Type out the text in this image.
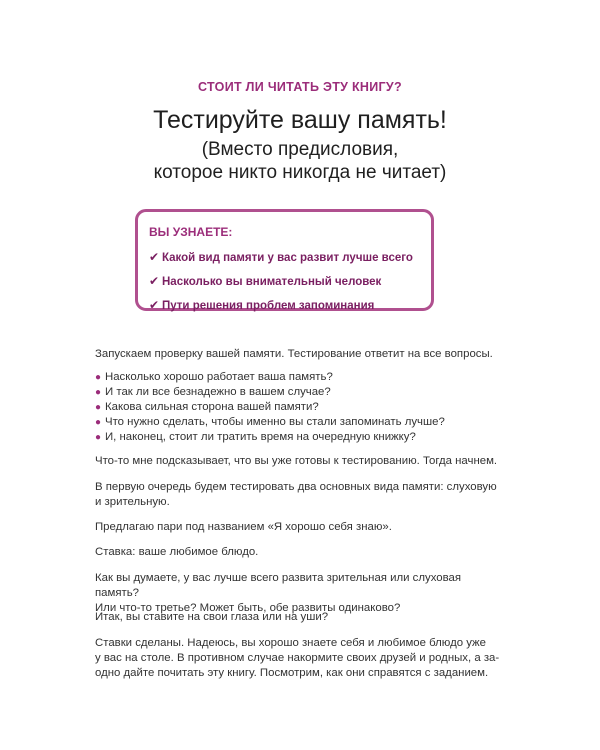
СТОИТ ЛИ ЧИТАТЬ ЭТУ КНИГУ?
Тестируйте вашу память!
(Вместо предисловия,
которое никто никогда не читает)
ВЫ УЗНАЕТЕ:
✔ Какой вид памяти у вас развит лучше всего
✔ Насколько вы внимательный человек
✔ Пути решения проблем запоминания
Запускаем проверку вашей памяти. Тестирование ответит на все вопросы.
● Насколько хорошо работает ваша память?
● И так ли все безнадежно в вашем случае?
● Какова сильная сторона вашей памяти?
● Что нужно сделать, чтобы именно вы стали запоминать лучше?
● И, наконец, стоит ли тратить время на очередную книжку?
Что-то мне подсказывает, что вы уже готовы к тестированию. Тогда начнем.
В первую очередь будем тестировать два основных вида памяти: слуховую
и зрительную.
Предлагаю пари под названием «Я хорошо себя знаю».
Ставка: ваше любимое блюдо.
Как вы думаете, у вас лучше всего развита зрительная или слуховая память?
Или что-то третье? Может быть, обе развиты одинаково?
Итак, вы ставите на свои глаза или на уши?
Ставки сделаны. Надеюсь, вы хорошо знаете себя и любимое блюдо уже
у вас на столе. В противном случае накормите своих друзей и родных, а за-
одно дайте почитать эту книгу. Посмотрим, как они справятся с заданием.
